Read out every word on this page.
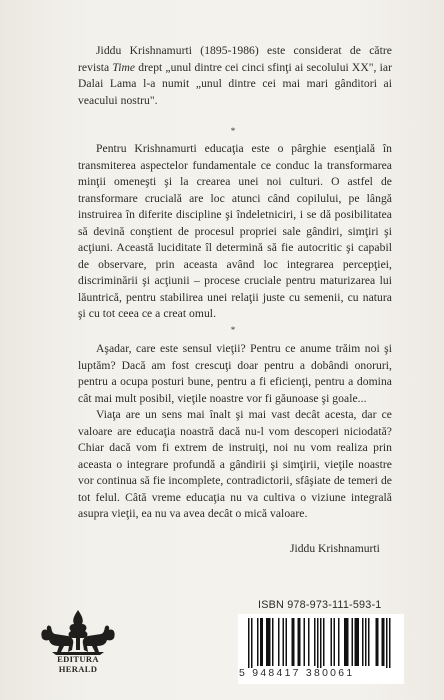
Jiddu Krishnamurti (1895-1986) este considerat de către revista Time drept „unul dintre cei cinci sfinţi ai secolului XX", iar Dalai Lama l-a numit „unul dintre cei mai mari gânditori ai veacului nostru".

*

Pentru Krishnamurti educaţia este o pârghie esenţială în transmiterea aspectelor fundamentale ce conduc la transformarea minţii omeneşti şi la crearea unei noi culturi. O astfel de transformare crucială are loc atunci când copilului, pe lângă instruirea în diferite discipline şi îndeletniciri, i se dă posibilitatea să devină conştient de procesul propriei sale gândiri, simţiri şi acţiuni. Această luciditate îl determină să fie autocritic şi capabil de observare, prin aceasta având loc integrarea percepţiei, discriminării şi acţiunii – procese cruciale pentru maturizarea lui lăuntrică, pentru stabilirea unei relaţii juste cu semenii, cu natura şi cu tot ceea ce a creat omul.

*

Aşadar, care este sensul vieţii? Pentru ce anume trăim noi şi luptăm? Dacă am fost crescuţi doar pentru a dobândi onoruri, pentru a ocupa posturi bune, pentru a fi eficienţi, pentru a domina cât mai mult posibil, vieţile noastre vor fi găunoase şi goale...

Viaţa are un sens mai înalt şi mai vast decât acesta, dar ce valoare are educaţia noastră dacă nu-l vom descoperi niciodată? Chiar dacă vom fi extrem de instruiţi, noi nu vom realiza prin aceasta o integrare profundă a gândirii şi simţirii, vieţile noastre vor continua să fie incomplete, contradictorii, sfâşiate de temeri de tot felul. Câtă vreme educaţia nu va cultiva o viziune integrală asupra vieţii, ea nu va avea decât o mică valoare.

Jiddu Krishnamurti
EDITURA
HERALD
ISBN 978-973-111-593-1
5 948417 380061
